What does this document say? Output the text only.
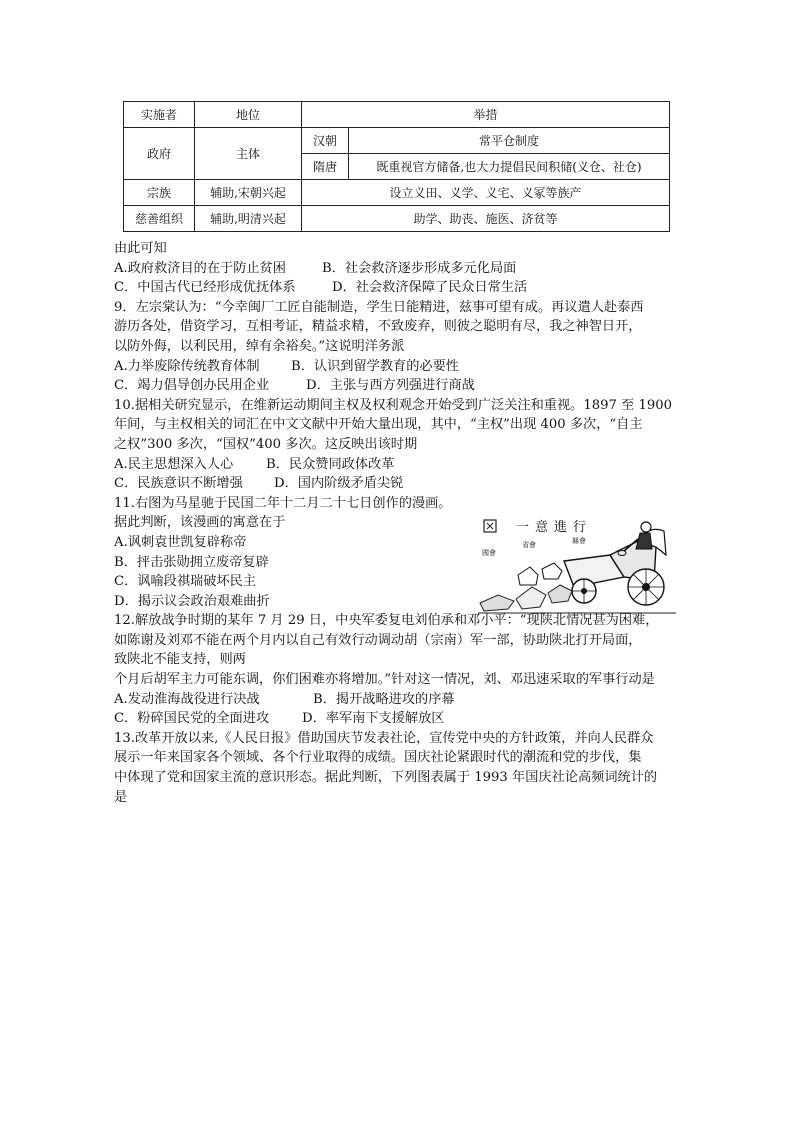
实施者	地位	举措	
政府	主体	汉朝	常平仓制度
		隋唐	既重视官方储备,也大力提倡民间积储(义仓、社仓)
宗族	辅助,宋朝兴起	设立义田、义学、义宅、义冢等族产	
慈善组织	辅助,明清兴起	助学、助丧、施医、济贫等	
由此可知
A.政府救济目的在于防止贫困	B．社会救济逐步形成多元化局面
C．中国古代已经形成优抚体系	D．社会救济保障了民众日常生活
9．左宗棠认为：“今幸闽厂工匠自能制造，学生日能精进，兹事可望有成。再议遣人赴泰西
游历各处，借资学习，互相考证，精益求精，不致废弃，则彼之聪明有尽，我之神智日开，
以防外侮，以利民用，绰有余裕矣。”这说明洋务派
A.力举废除传统教育体制	B．认识到留学教育的必要性
C．竭力倡导创办民用企业	D．主张与西方列强进行商战
10.据相关研究显示，在维新运动期间主权及权利观念开始受到广泛关注和重视。1897 至 1900
年间，与主权相关的词汇在中文文献中开始大量出现，其中，“主权”出现 400 多次，“自主
之权”300 多次，“国权”400 多次。这反映出该时期
A.民主思想深入人心	B．民众赞同政体改革
C．民族意识不断增强	D．国内阶级矛盾尖锐
11.右图为马星驰于民国二年十二月二十七日创作的漫画。
据此判断，该漫画的寓意在于
A.讽刺袁世凯复辟称帝
B．抨击张勋拥立废帝复辟
C．讽喻段祺瑞破坏民主
D．揭示议会政治艰难曲折
12.解放战争时期的某年 7 月 29 日，中央军委复电刘伯承和邓小平：“现陕北情况甚为困难，
如陈谢及刘邓不能在两个月内以自己有效行动调动胡（宗南）军一部，协助陕北打开局面，
致陕北不能支持，则两
个月后胡军主力可能东调，你们困难亦将增加。”针对这一情况，刘、邓迅速采取的军事行动是
A.发动淮海战役进行决战	B．揭开战略进攻的序幕
C．粉碎国民党的全面进攻	D．率军南下支援解放区
13.改革开放以来,《人民日报》借助国庆节发表社论，宣传党中央的方针政策，并向人民群众
展示一年来国家各个领域、各个行业取得的成绩。国庆社论紧跟时代的潮流和党的步伐，集
中体现了党和国家主流的意识形态。据此判断，下列图表属于 1993 年国庆社论高频词统计的
是
一意進行
國會
省會	縣會
